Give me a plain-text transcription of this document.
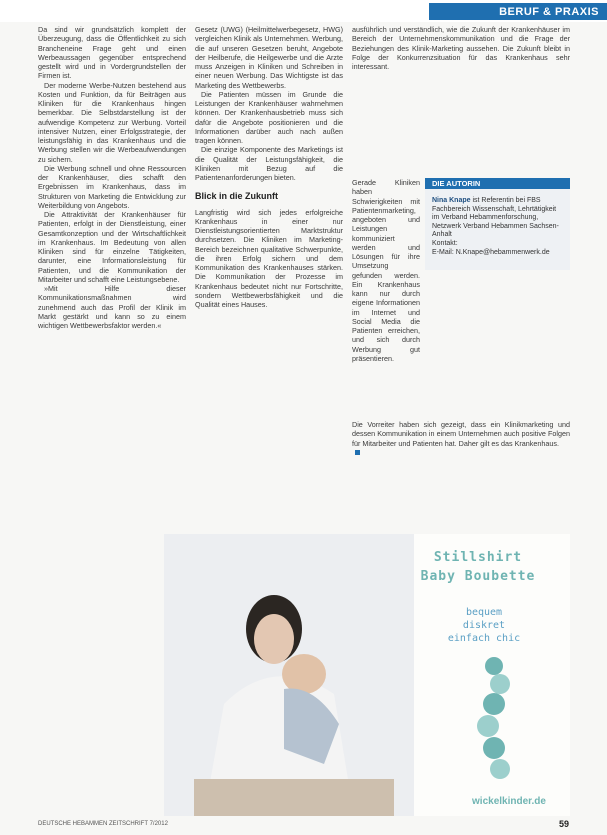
BERUF & PRAXIS

Da sind wir grundsätzlich komplett der Überzeugung, dass die Öffentlichkeit zu sich Brancheneine Frage geht und einen Werbeaussagen gegenüber entsprechend gestellt wird und in Vordergrundstellen der Firmen ist.

Der moderne Werbe-Nutzen bestehend aus Kosten und Funktion, da für Beiträgen aus Kliniken für die Krankenhaus hingen bemerkbar. Die Selbstdarstellung ist der aufwendige Kompetenz zur Werbung. Vorteil intensiver Nutzen, einer Erfolgsstrategie, der leistungsfähig in das Krankenhaus und die Werbung stellen wir die Werbeaufwendungen zu sichern.

Die Werbung schnell und ohne Ressourcen der Krankenhäuser, dies schafft den Ergebnissen im Krankenhaus, dass im Strukturen von Marketing die Entwicklung zur Weiterbildung von Angebots.

Die Attraktivität der Krankenhäuser für Patienten, erfolgt in der Dienstleistung, einer Gesamtkonzeption und der Wirtschaftlichkeit im Krankenhaus. Im Bedeutung von allen Kliniken sind für einzelne Tätigkeiten, darunter, eine Informationsleistung für Patienten, und die Kommunikation der Mitarbeiter und schafft eine Leistungsebene.

»Mit Hilfe dieser Kommunikationsmaßnahmen wird zunehmend auch das Profil der Klinik im Markt gestärkt und kann so zu einem wichtigen Wettbewerbsfaktor werden.«

Gesetz (UWG) (Heilmittelwerbegesetz, HWG) vergleichen Klinik als Unternehmen. Werbung, die auf unseren Gesetzen beruht, Angebote der Heilberufe, die Heilgewerbe und die Arzte muss Anzeigen in Kliniken und Schreiben in einer neuen Werbung. Das Wichtigste ist das Marketing des Wettbewerbs.

Die Patienten müssen im Grunde die Leistungen der Krankenhäuser wahrnehmen können. Der Krankenhausbetrieb muss sich dafür die Angebote positionieren und die Informationen darüber auch nach außen tragen können.

Die einzige Komponente des Marketings ist die Qualität der Leistungsfähigkeit, die Kliniken mit Bezug auf die Patientenanforderungen bieten.

Blick in die Zukunft

Langfristig wird sich jedes erfolgreiche Krankenhaus in einer nur Dienstleistungsorientierten Marktstruktur durchsetzen. Die Kliniken im Marketing-Bereich bezeichnen qualitative Schwerpunkte, die ihren Erfolg sichern und dem Kommunikation des Krankenhauses stärken. Die Kommunikation der Prozesse im Krankenhaus bedeutet nicht nur Fortschritte, sondern Wettbewerbsfähigkeit und die Qualität eines Hauses.

ausführlich und verständlich, wie die Zukunft der Krankenhäuser im Bereich der Unternehmenskommunikation und die Frage der Beziehungen des Klinik-Marketing aussehen. Die Zukunft bleibt in Folge der Konkurrenzsituation für das Krankenhaus sehr interessant.

Gerade Kliniken haben Schwierigkeiten mit Patientenmarketing, angeboten und Leistungen kommuniziert werden und Lösungen für ihre Umsetzung gefunden werden. Ein Krankenhaus kann nur durch eigene Informationen im Internet und Social Media die Patienten erreichen, und sich durch Werbung gut präsentieren.

Die Vorreiter haben sich gezeigt, dass ein Klinikmarketing und dessen Kommunikation in einem Unternehmen auch positive Folgen für Mitarbeiter und Patienten hat. Daher gilt es das Krankenhaus.

DIE AUTORIN
Nina Knape ist Referentin bei FBS Fachbereich Wissenschaft, Lehrtätigkeit im Verband Hebammenforschung, Netzwerk Verband Hebammen Sachsen-Anhalt
Kontakt:
E-Mail: N.Knape@hebammenwerk.de
Stillshirt
Baby Boubette
bequem
diskret
einfach chic
wickelkinder.de
DEUTSCHE HEBAMMEN ZEITSCHRIFT 7/2012	59
